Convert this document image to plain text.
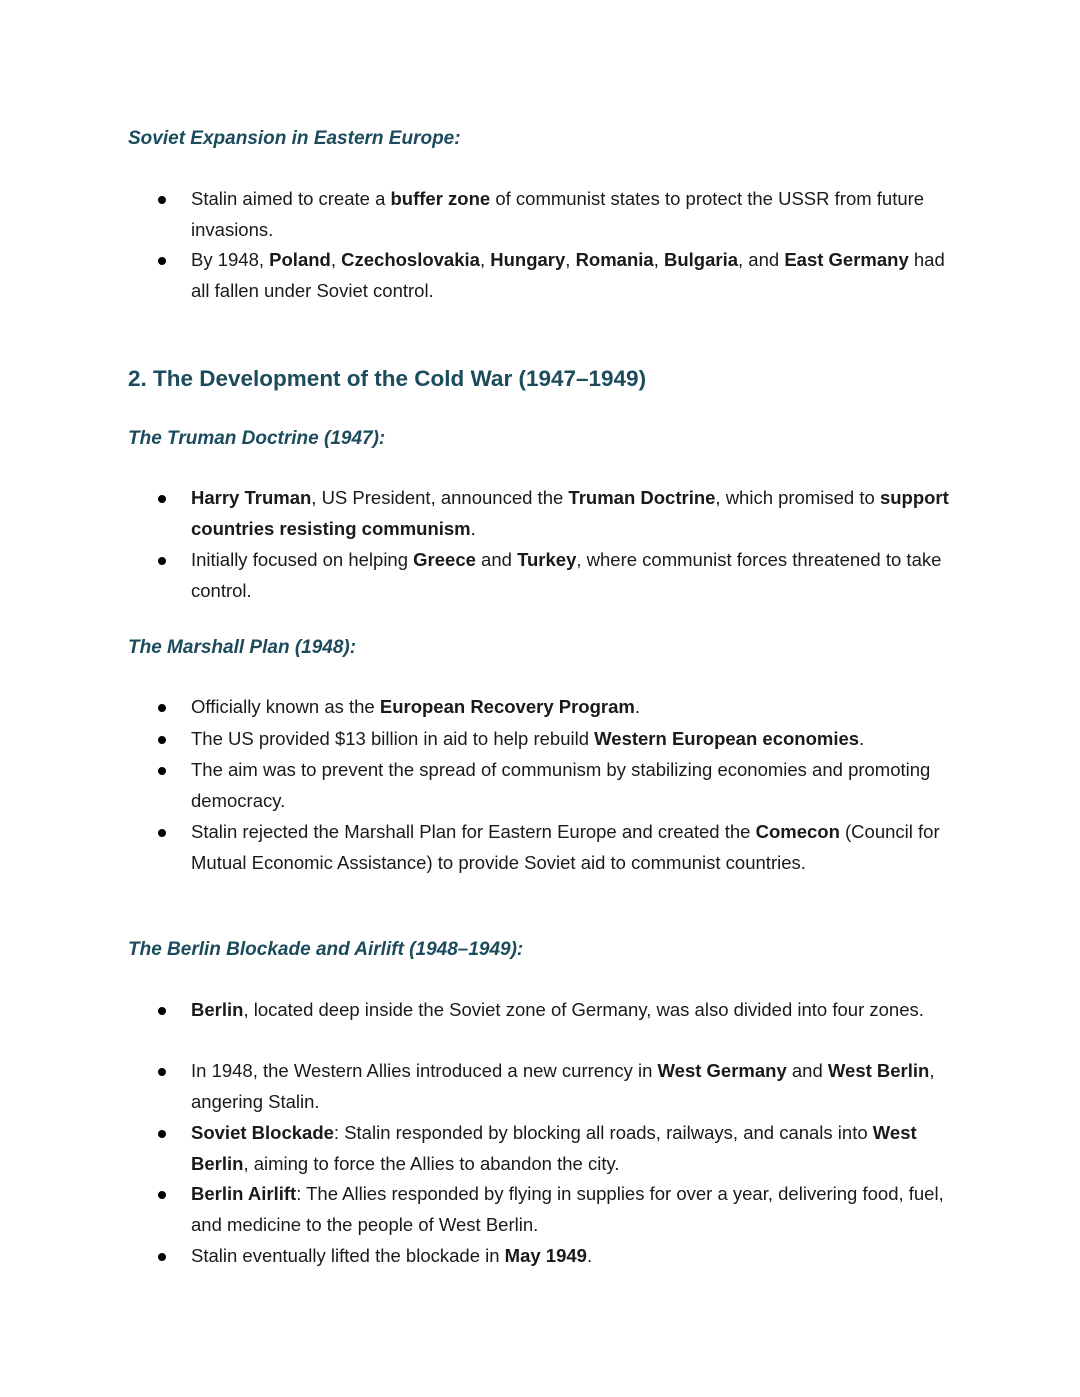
Soviet Expansion in Eastern Europe:
Stalin aimed to create a buffer zone of communist states to protect the USSR from future invasions.
By 1948, Poland, Czechoslovakia, Hungary, Romania, Bulgaria, and East Germany had all fallen under Soviet control.
2. The Development of the Cold War (1947–1949)
The Truman Doctrine (1947):
Harry Truman, US President, announced the Truman Doctrine, which promised to support countries resisting communism.
Initially focused on helping Greece and Turkey, where communist forces threatened to take control.
The Marshall Plan (1948):
Officially known as the European Recovery Program.
The US provided $13 billion in aid to help rebuild Western European economies.
The aim was to prevent the spread of communism by stabilizing economies and promoting democracy.
Stalin rejected the Marshall Plan for Eastern Europe and created the Comecon (Council for Mutual Economic Assistance) to provide Soviet aid to communist countries.
The Berlin Blockade and Airlift (1948–1949):
Berlin, located deep inside the Soviet zone of Germany, was also divided into four zones.
In 1948, the Western Allies introduced a new currency in West Germany and West Berlin, angering Stalin.
Soviet Blockade: Stalin responded by blocking all roads, railways, and canals into West Berlin, aiming to force the Allies to abandon the city.
Berlin Airlift: The Allies responded by flying in supplies for over a year, delivering food, fuel, and medicine to the people of West Berlin.
Stalin eventually lifted the blockade in May 1949.
